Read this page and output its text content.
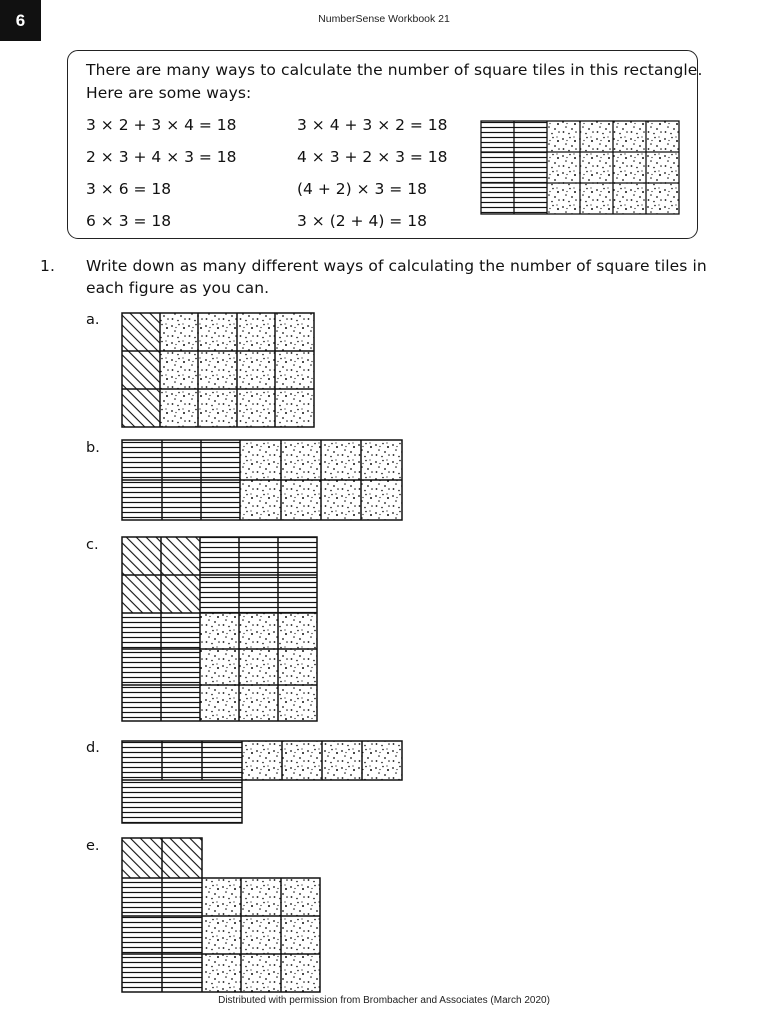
6	NumberSense Workbook 21
There are many ways to calculate the number of square tiles in this rectangle.
Here are some ways:
3 × 2 + 3 × 4 = 18
2 × 3 + 4 × 3 = 18
3 × 6 = 18
6 × 3 = 18
3 × 4 + 3 × 2 = 18
4 × 3 + 2 × 3 = 18
(4 + 2) × 3 = 18
3 × (2 + 4) = 18
1. Write down as many different ways of calculating the number of square tiles in
each figure as you can.
a.
b.
c.
d.
e.
Distributed with permission from Brombacher and Associates (March 2020)
